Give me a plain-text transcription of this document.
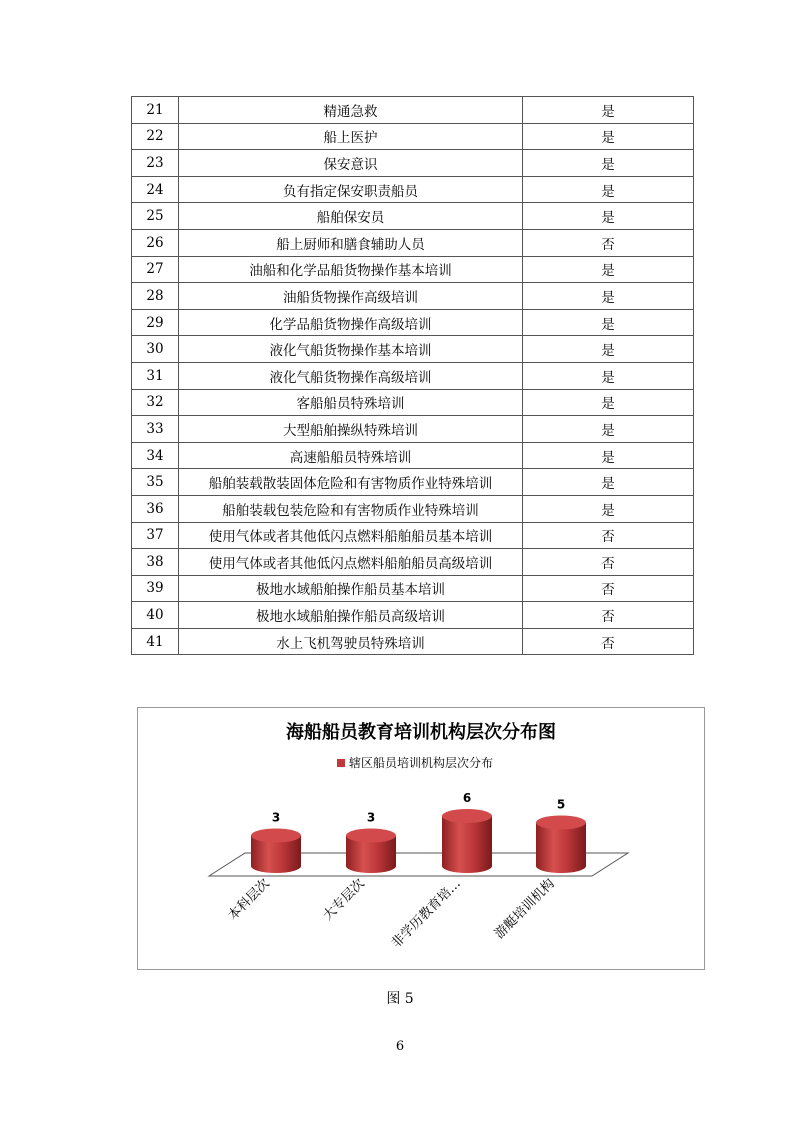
21	精通急救	是
22	船上医护	是
23	保安意识	是
24	负有指定保安职责船员	是
25	船舶保安员	是
26	船上厨师和膳食辅助人员	否
27	油船和化学品船货物操作基本培训	是
28	油船货物操作高级培训	是
29	化学品船货物操作高级培训	是
30	液化气船货物操作基本培训	是
31	液化气船货物操作高级培训	是
32	客船船员特殊培训	是
33	大型船舶操纵特殊培训	是
34	高速船船员特殊培训	是
35	船舶装载散装固体危险和有害物质作业特殊培训	是
36	船舶装载包装危险和有害物质作业特殊培训	是
37	使用气体或者其他低闪点燃料船舶船员基本培训	否
38	使用气体或者其他低闪点燃料船舶船员高级培训	否
39	极地水域船舶操作船员基本培训	否
40	极地水域船舶操作船员高级培训	否
41	水上飞机驾驶员特殊培训	否
海船船员教育培训机构层次分布图
辖区船员培训机构层次分布
3
本科层次
3
大专层次
6
非学历教育培…
5
游艇培训机构
图 5
6
